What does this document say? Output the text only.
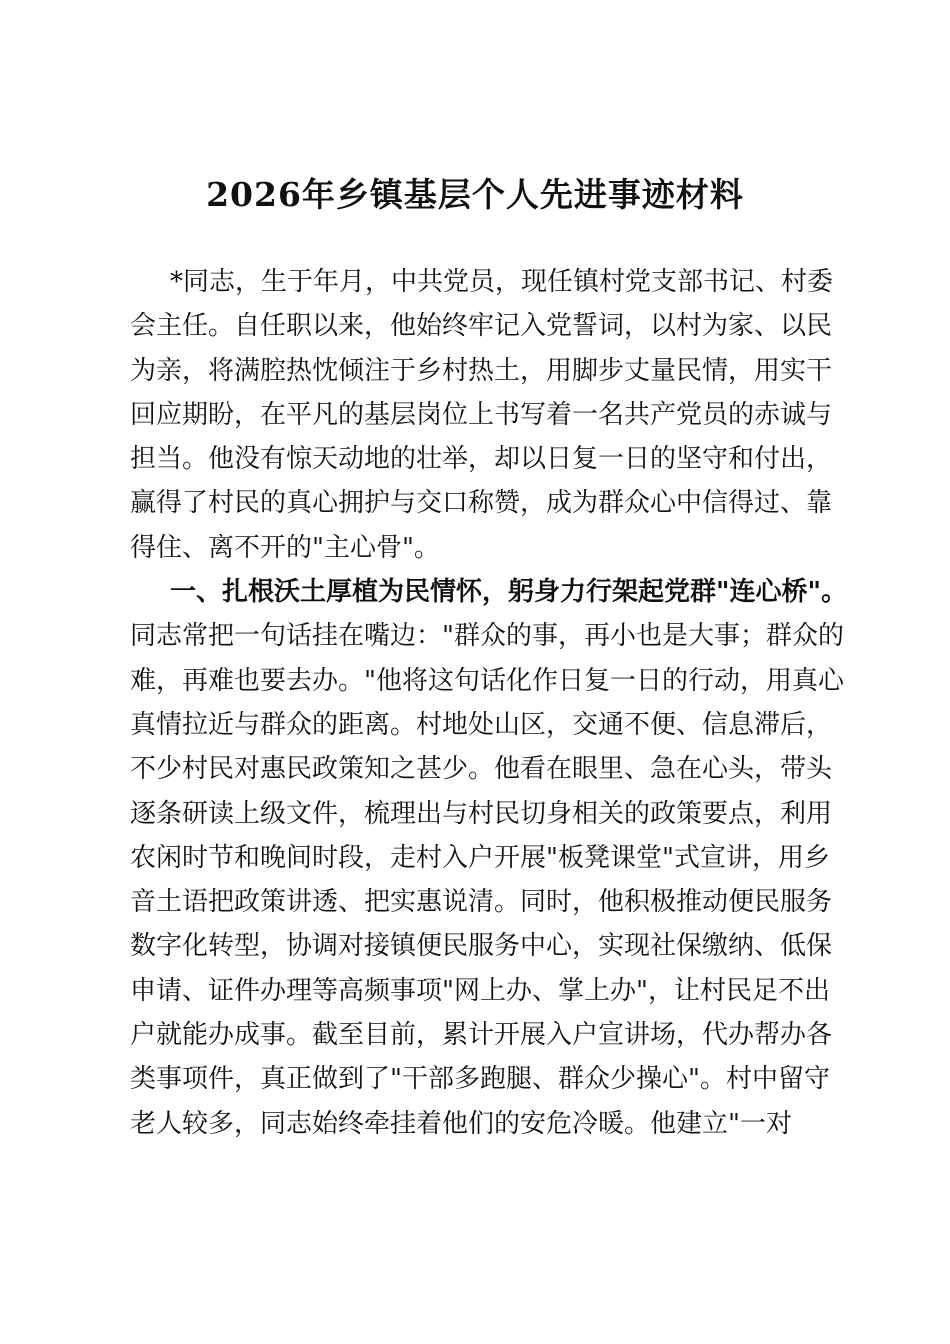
2026年乡镇基层个人先进事迹材料
*同志，生于年月，中共党员，现任镇村党支部书记、村委
会主任。自任职以来，他始终牢记入党誓词，以村为家、以民
为亲，将满腔热忱倾注于乡村热土，用脚步丈量民情，用实干
回应期盼，在平凡的基层岗位上书写着一名共产党员的赤诚与
担当。他没有惊天动地的壮举，却以日复一日的坚守和付出，
赢得了村民的真心拥护与交口称赞，成为群众心中信得过、靠
得住、离不开的"主心骨"。
一、扎根沃土厚植为民情怀，躬身力行架起党群"连心桥"。
同志常把一句话挂在嘴边："群众的事，再小也是大事；群众的
难，再难也要去办。"他将这句话化作日复一日的行动，用真心
真情拉近与群众的距离。村地处山区，交通不便、信息滞后，
不少村民对惠民政策知之甚少。他看在眼里、急在心头，带头
逐条研读上级文件，梳理出与村民切身相关的政策要点，利用
农闲时节和晚间时段，走村入户开展"板凳课堂"式宣讲，用乡
音土语把政策讲透、把实惠说清。同时，他积极推动便民服务
数字化转型，协调对接镇便民服务中心，实现社保缴纳、低保
申请、证件办理等高频事项"网上办、掌上办"，让村民足不出
户就能办成事。截至目前，累计开展入户宣讲场，代办帮办各
类事项件，真正做到了"干部多跑腿、群众少操心"。村中留守
老人较多，同志始终牵挂着他们的安危冷暖。他建立"一对
